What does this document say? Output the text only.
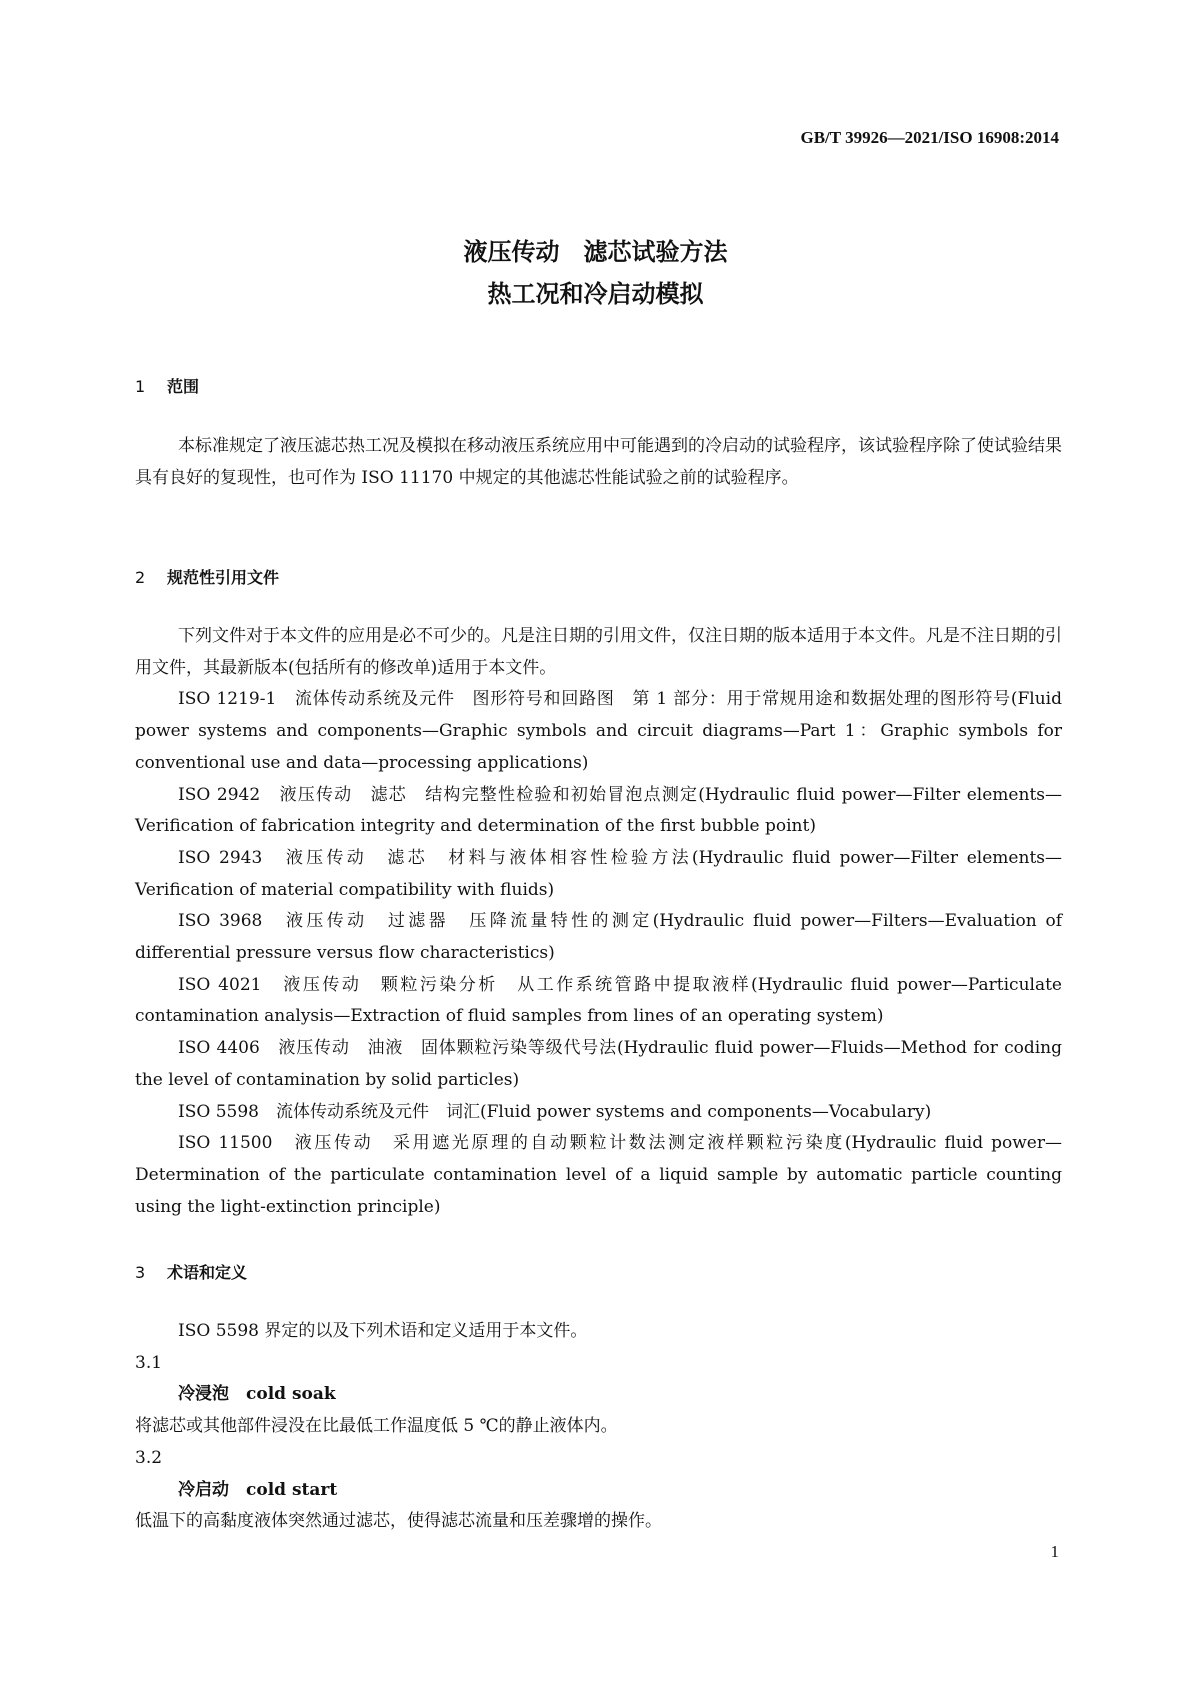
GB/T 39926—2021/ISO 16908:2014
液压传动　滤芯试验方法
热工况和冷启动模拟
1 范围

本标准规定了液压滤芯热工况及模拟在移动液压系统应用中可能遇到的冷启动的试验程序，该试验程序除了使试验结果具有良好的复现性，也可作为 ISO 11170 中规定的其他滤芯性能试验之前的试验程序。

2 规范性引用文件

下列文件对于本文件的应用是必不可少的。凡是注日期的引用文件，仅注日期的版本适用于本文件。凡是不注日期的引用文件，其最新版本(包括所有的修改单)适用于本文件。

ISO 1219-1　流体传动系统及元件　图形符号和回路图　第 1 部分：用于常规用途和数据处理的图形符号(Fluid power systems and components—Graphic symbols and circuit diagrams—Part 1：Graphic symbols for conventional use and data—processing applications)

ISO 2942　液压传动　滤芯　结构完整性检验和初始冒泡点测定(Hydraulic fluid power—Filter elements—Verification of fabrication integrity and determination of the first bubble point)

ISO 2943　液压传动　滤芯　材料与液体相容性检验方法(Hydraulic fluid power—Filter elements—Verification of material compatibility with fluids)

ISO 3968　液压传动　过滤器　压降流量特性的测定(Hydraulic fluid power—Filters—Evaluation of differential pressure versus flow characteristics)

ISO 4021　液压传动　颗粒污染分析　从工作系统管路中提取液样(Hydraulic fluid power—Particulate contamination analysis—Extraction of fluid samples from lines of an operating system)

ISO 4406　液压传动　油液　固体颗粒污染等级代号法(Hydraulic fluid power—Fluids—Method for coding the level of contamination by solid particles)

ISO 5598　流体传动系统及元件　词汇(Fluid power systems and components—Vocabulary)

ISO 11500　液压传动　采用遮光原理的自动颗粒计数法测定液样颗粒污染度(Hydraulic fluid power—Determination of the particulate contamination level of a liquid sample by automatic particle counting using the light-extinction principle)

3 术语和定义
ISO 5598 界定的以及下列术语和定义适用于本文件。
3.1
冷浸泡　cold soak
将滤芯或其他部件浸没在比最低工作温度低 5 ℃的静止液体内。
3.2
冷启动　cold start
低温下的高黏度液体突然通过滤芯，使得滤芯流量和压差骤增的操作。
1
